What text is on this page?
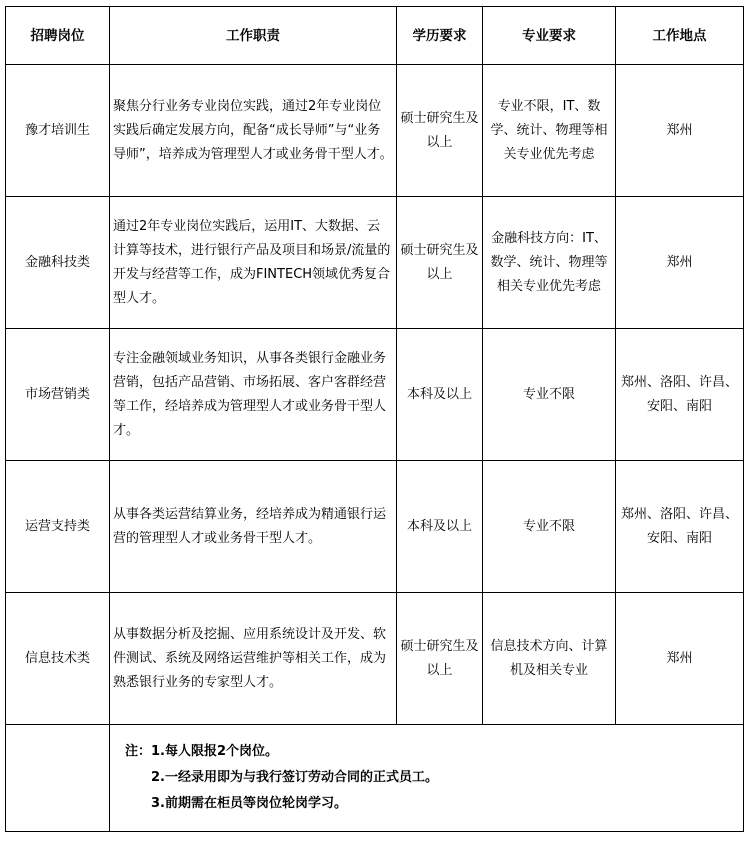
招聘岗位	工作职责	学历要求	专业要求	工作地点
豫才培训生	聚焦分行业务专业岗位实践，通过2年专业岗位实践后确定发展方向，配备“成长导师”与“业务导师”，培养成为管理型人才或业务骨干型人才。	硕士研究生及以上	专业不限，IT、数学、统计、物理等相关专业优先考虑	郑州
金融科技类	通过2年专业岗位实践后，运用IT、大数据、云计算等技术，进行银行产品及项目和场景/流量的开发与经营等工作，成为FINTECH领域优秀复合型人才。	硕士研究生及以上	金融科技方向：IT、数学、统计、物理等相关专业优先考虑	郑州
市场营销类	专注金融领域业务知识，从事各类银行金融业务营销，包括产品营销、市场拓展、客户客群经营等工作，经培养成为管理型人才或业务骨干型人才。	本科及以上	专业不限	郑州、洛阳、许昌、安阳、南阳
运营支持类	从事各类运营结算业务，经培养成为精通银行运营的管理型人才或业务骨干型人才。	本科及以上	专业不限	郑州、洛阳、许昌、安阳、南阳
信息技术类	从事数据分析及挖掘、应用系统设计及开发、软件测试、系统及网络运营维护等相关工作，成为熟悉银行业务的专家型人才。	硕士研究生及以上	信息技术方向、计算机及相关专业	郑州

	注：1.每人限报2个岗位。
2.一经录用即为与我行签订劳动合同的正式员工。
3.前期需在柜员等岗位轮岗学习。			
